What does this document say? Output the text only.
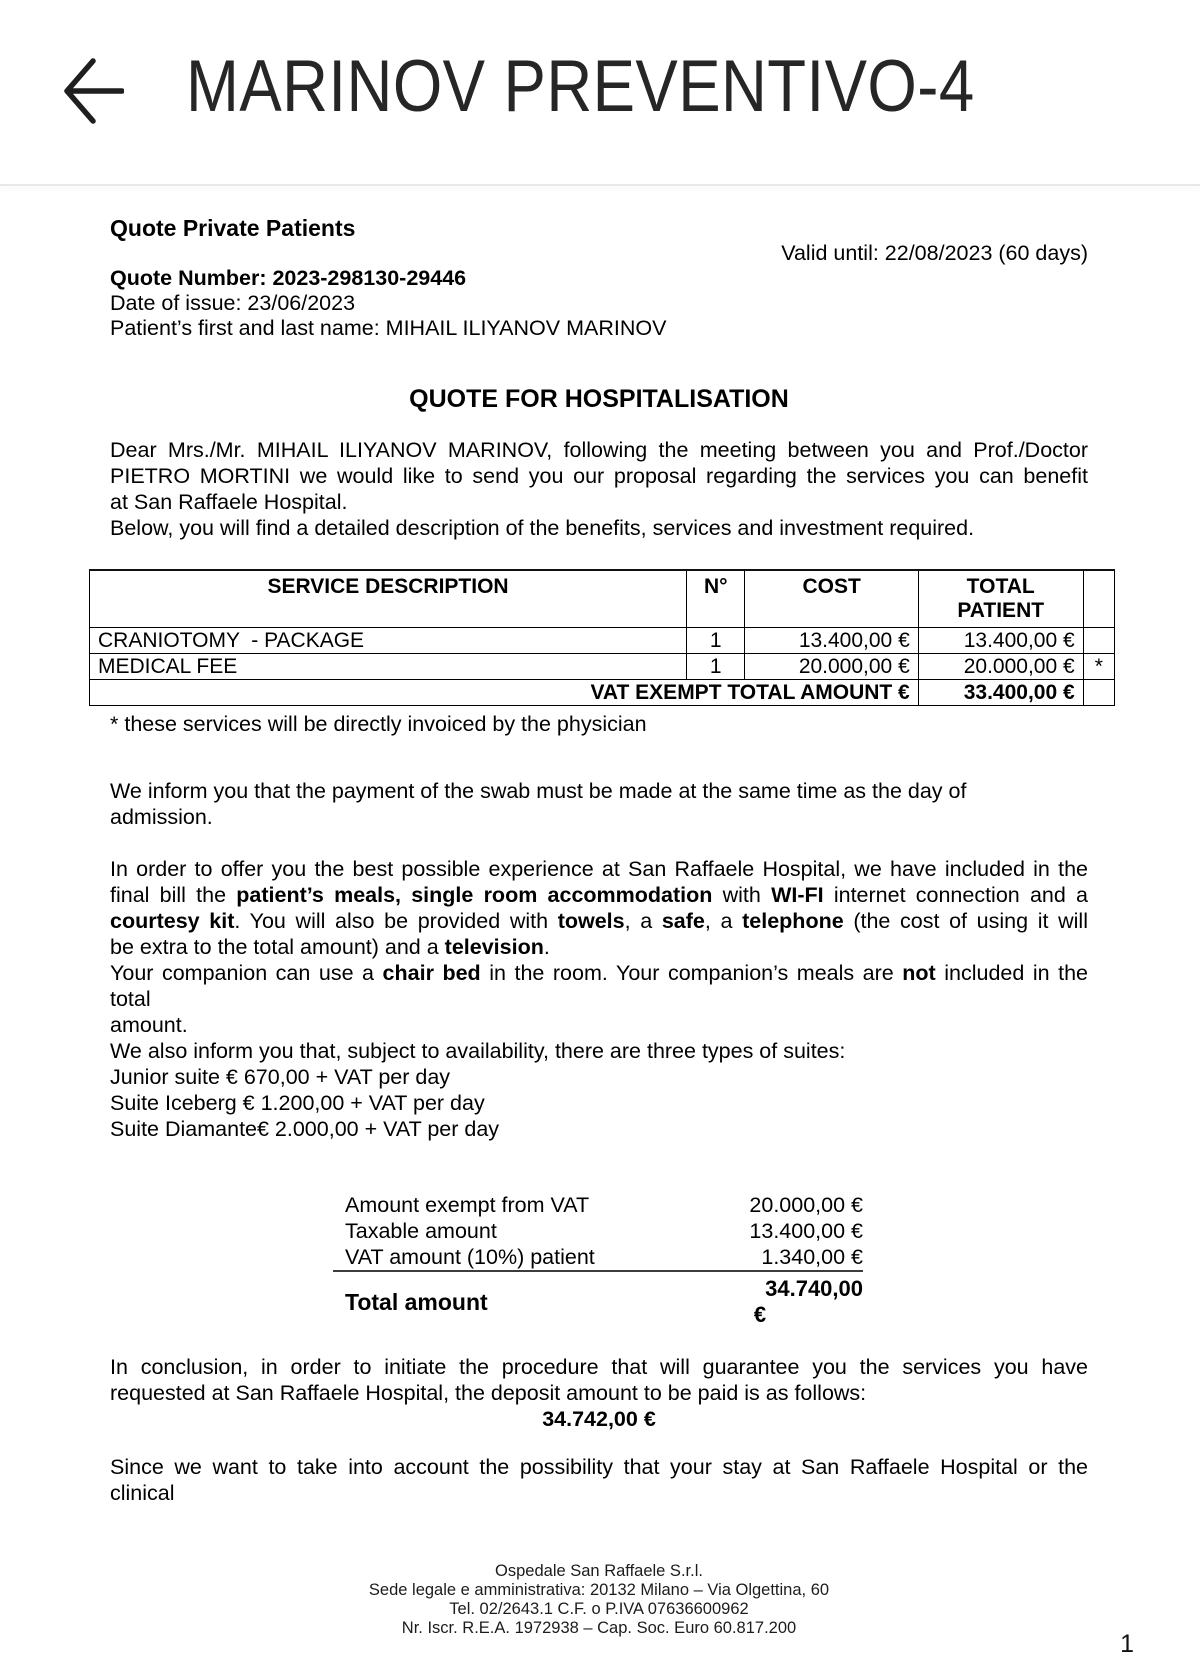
MARINOV PREVENTIVO-4
Quote Private Patients
Valid until: 22/08/2023 (60 days)
Quote Number: 2023-298130-29446
Date of issue: 23/06/2023
Patient’s first and last name: MIHAIL ILIYANOV MARINOV
QUOTE FOR HOSPITALISATION
Dear Mrs./Mr. MIHAIL ILIYANOV MARINOV, following the meeting between you and Prof./Doctor
PIETRO MORTINI we would like to send you our proposal regarding the services you can benefit
at San Raffaele Hospital.
Below, you will find a detailed description of the benefits, services and investment required.
SERVICE DESCRIPTION	N°	COST	TOTAL PATIENT	

CRANIOTOMY  - PACKAGE	1	13.400,00 €	13.400,00 €	
MEDICAL FEE	1	20.000,00 €	20.000,00 €	*
VAT EXEMPT TOTAL AMOUNT €			33.400,00 €	
* these services will be directly invoiced by the physician
We inform you that the payment of the swab must be made at the same time as the day of
admission.
In order to offer you the best possible experience at San Raffaele Hospital, we have included in the
final bill the patient’s meals, single room accommodation with WI-FI internet connection and a
courtesy kit. You will also be provided with towels, a safe, a telephone (the cost of using it will
be extra to the total amount) and a television.
Your companion can use a chair bed in the room. Your companion’s meals are not included in the
total
amount.
We also inform you that, subject to availability, there are three types of suites:
Junior suite € 670,00 + VAT per day
Suite Iceberg € 1.200,00 + VAT per day
Suite Diamante€ 2.000,00 + VAT per day
Amount exempt from VAT	20.000,00 €
Taxable amount	13.400,00 €
VAT amount (10%) patient	1.340,00 €
Total amount	34.740,00
€
In conclusion, in order to initiate the procedure that will guarantee you the services you have
requested at San Raffaele Hospital, the deposit amount to be paid is as follows:
34.742,00 €
Since we want to take into account the possibility that your stay at San Raffaele Hospital or the
clinical
Ospedale San Raffaele S.r.l.
Sede legale e amministrativa: 20132 Milano – Via Olgettina, 60
Tel. 02/2643.1 C.F. o P.IVA 07636600962
Nr. Iscr. R.E.A. 1972938 – Cap. Soc. Euro 60.817.200
1
